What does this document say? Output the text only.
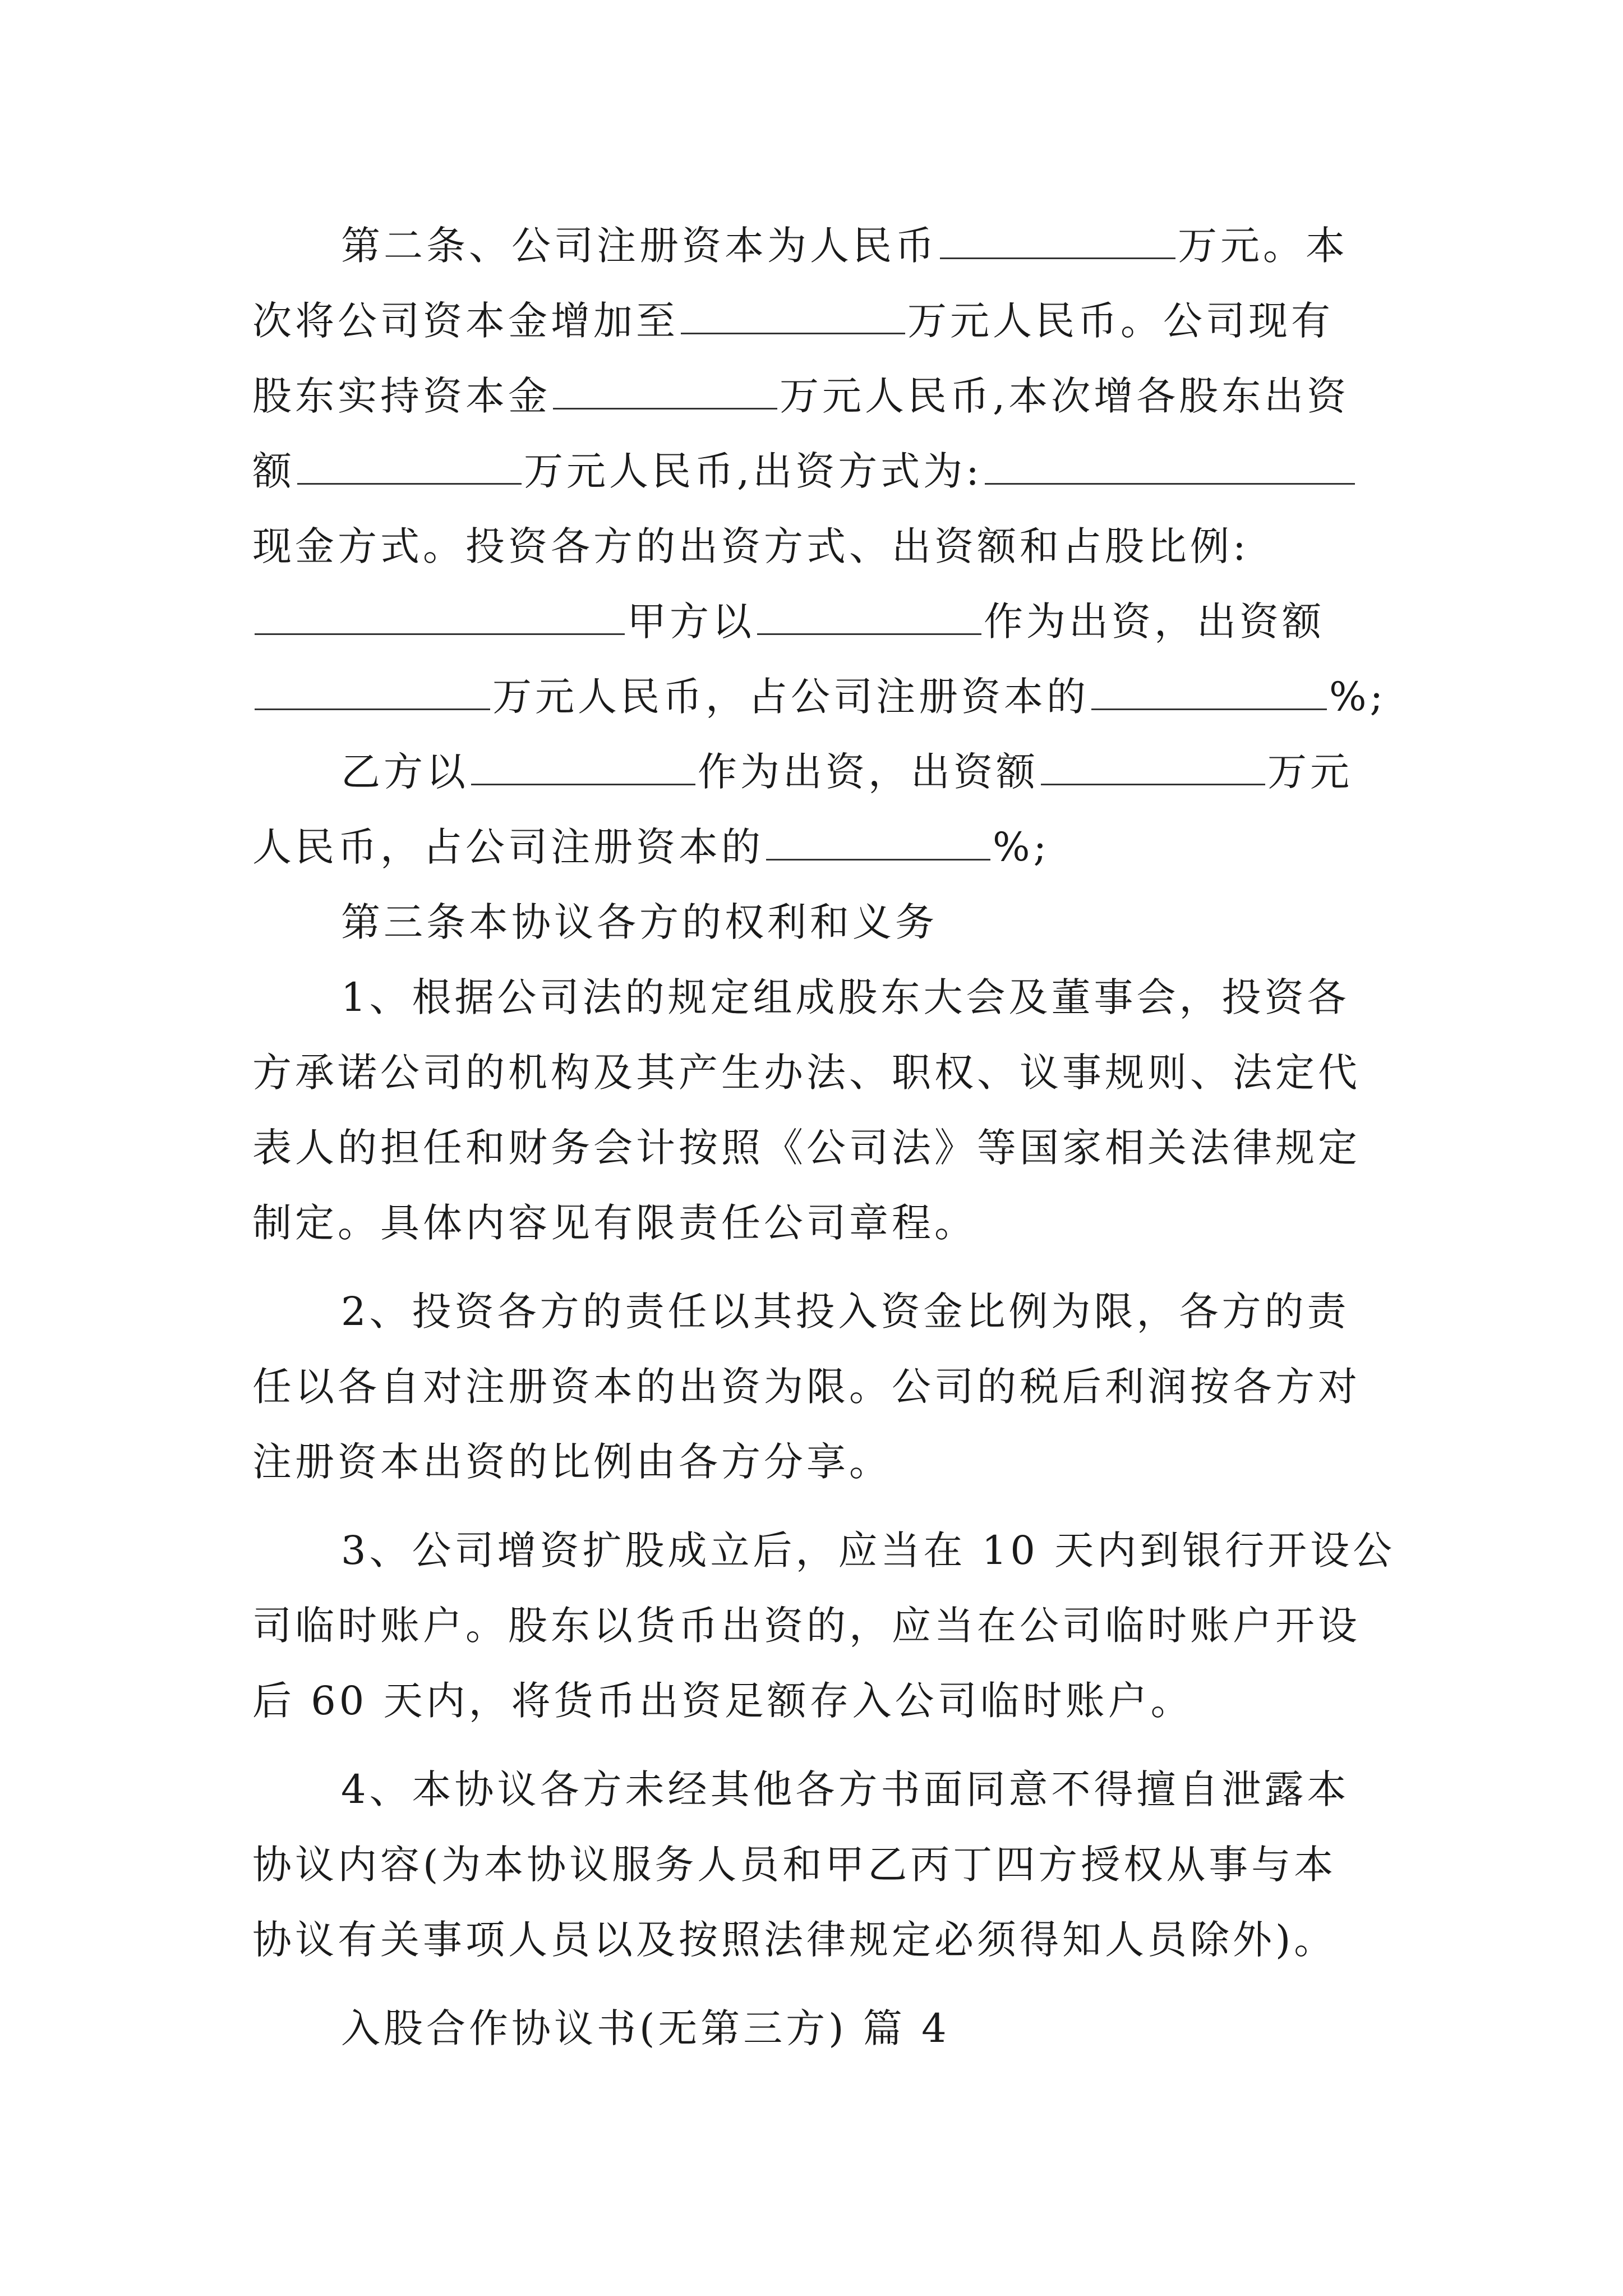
第二条、公司注册资本为人民币	万元。本
次将公司资本金增加至	万元人民币。公司现有
股东实持资本金	万元人民币,本次增各股东出资
额	万元人民币,出资方式为:
现金方式。投资各方的出资方式、出资额和占股比例:
甲方以	作为出资，出资额
万元人民币，占公司注册资本的	%;
乙方以	作为出资，出资额	万元
人民币，占公司注册资本的	%;
第三条本协议各方的权利和义务
1、根据公司法的规定组成股东大会及董事会，投资各
方承诺公司的机构及其产生办法、职权、议事规则、法定代
表人的担任和财务会计按照《公司法》等国家相关法律规定
制定。具体内容见有限责任公司章程。
2、投资各方的责任以其投入资金比例为限，各方的责
任以各自对注册资本的出资为限。公司的税后利润按各方对
注册资本出资的比例由各方分享。
3、公司增资扩股成立后，应当在 10 天内到银行开设公
司临时账户。股东以货币出资的，应当在公司临时账户开设
后 60 天内，将货币出资足额存入公司临时账户。
4、本协议各方未经其他各方书面同意不得擅自泄露本
协议内容(为本协议服务人员和甲乙丙丁四方授权从事与本
协议有关事项人员以及按照法律规定必须得知人员除外)。
入股合作协议书(无第三方) 篇 4
